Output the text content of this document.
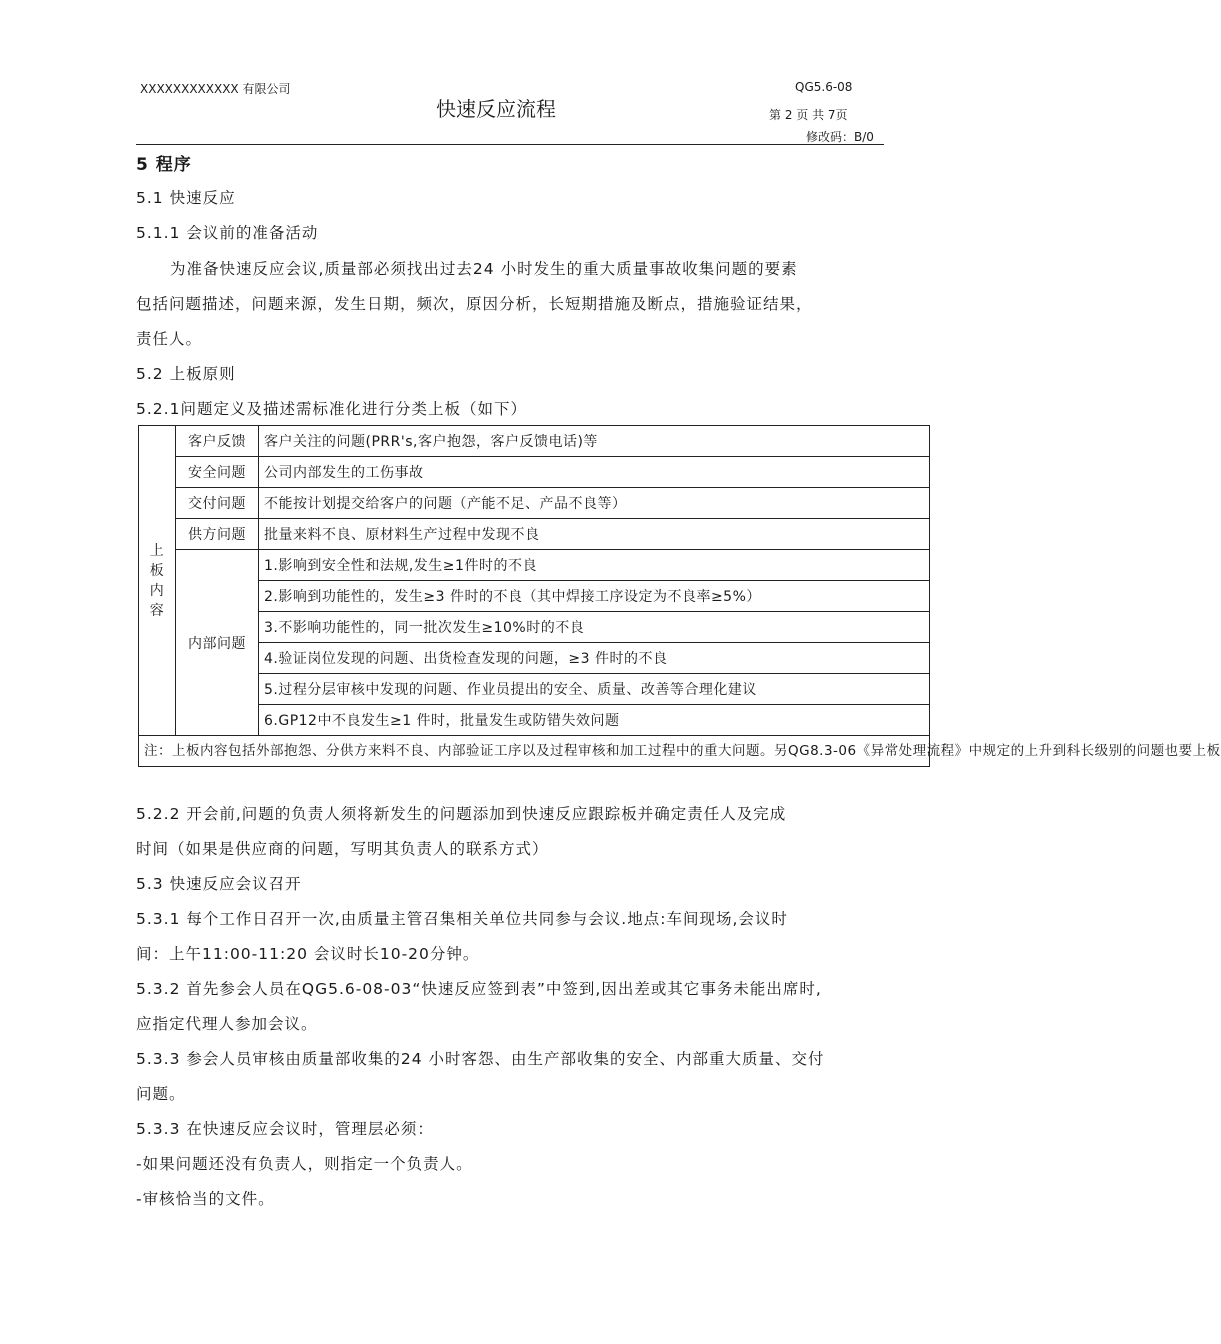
XXXXXXXXXXXX 有限公司
快速反应流程
QG5.6-08
第 2 页 共 7页
修改码：B/0
5 程序
5.1 快速反应
5.1.1 会议前的准备活动
为准备快速反应会议,质量部必须找出过去24 小时发生的重大质量事故收集问题的要素
包括问题描述，问题来源，发生日期，频次，原因分析，长短期措施及断点，措施验证结果，
责任人。
5.2 上板原则
5.2.1问题定义及描述需标准化进行分类上板（如下）
上板内容	客户反馈	客户关注的问题(PRR's,客户抱怨，客户反馈电话)等
	安全问题	公司内部发生的工伤事故
	交付问题	不能按计划提交给客户的问题（产能不足、产品不良等）
	供方问题	批量来料不良、原材料生产过程中发现不良
	内部问题	1.影响到安全性和法规,发生≥1件时的不良
		2.影响到功能性的，发生≥3 件时的不良（其中焊接工序设定为不良率≥5%）
		3.不影响功能性的，同一批次发生≥10%时的不良
		4.验证岗位发现的问题、出货检查发现的问题，≥3 件时的不良
		5.过程分层审核中发现的问题、作业员提出的安全、质量、改善等合理化建议
		6.GP12中不良发生≥1 件时，批量发生或防错失效问题

注：上板内容包括外部抱怨、分供方来料不良、内部验证工序以及过程审核和加工过程中的重大问题。另QG8.3-06《异常处理流程》中规定的上升到科长级别的问题也要上板		
5.2.2 开会前,问题的负责人须将新发生的问题添加到快速反应跟踪板并确定责任人及完成
时间（如果是供应商的问题，写明其负责人的联系方式）
5.3 快速反应会议召开
5.3.1 每个工作日召开一次,由质量主管召集相关单位共同参与会议.地点:车间现场,会议时
间：上午11:00-11:20 会议时长10-20分钟。
5.3.2 首先参会人员在QG5.6-08-03“快速反应签到表”中签到,因出差或其它事务未能出席时,
应指定代理人参加会议。
5.3.3 参会人员审核由质量部收集的24 小时客怨、由生产部收集的安全、内部重大质量、交付
问题。
5.3.3 在快速反应会议时，管理层必须：
-如果问题还没有负责人，则指定一个负责人。
-审核恰当的文件。
